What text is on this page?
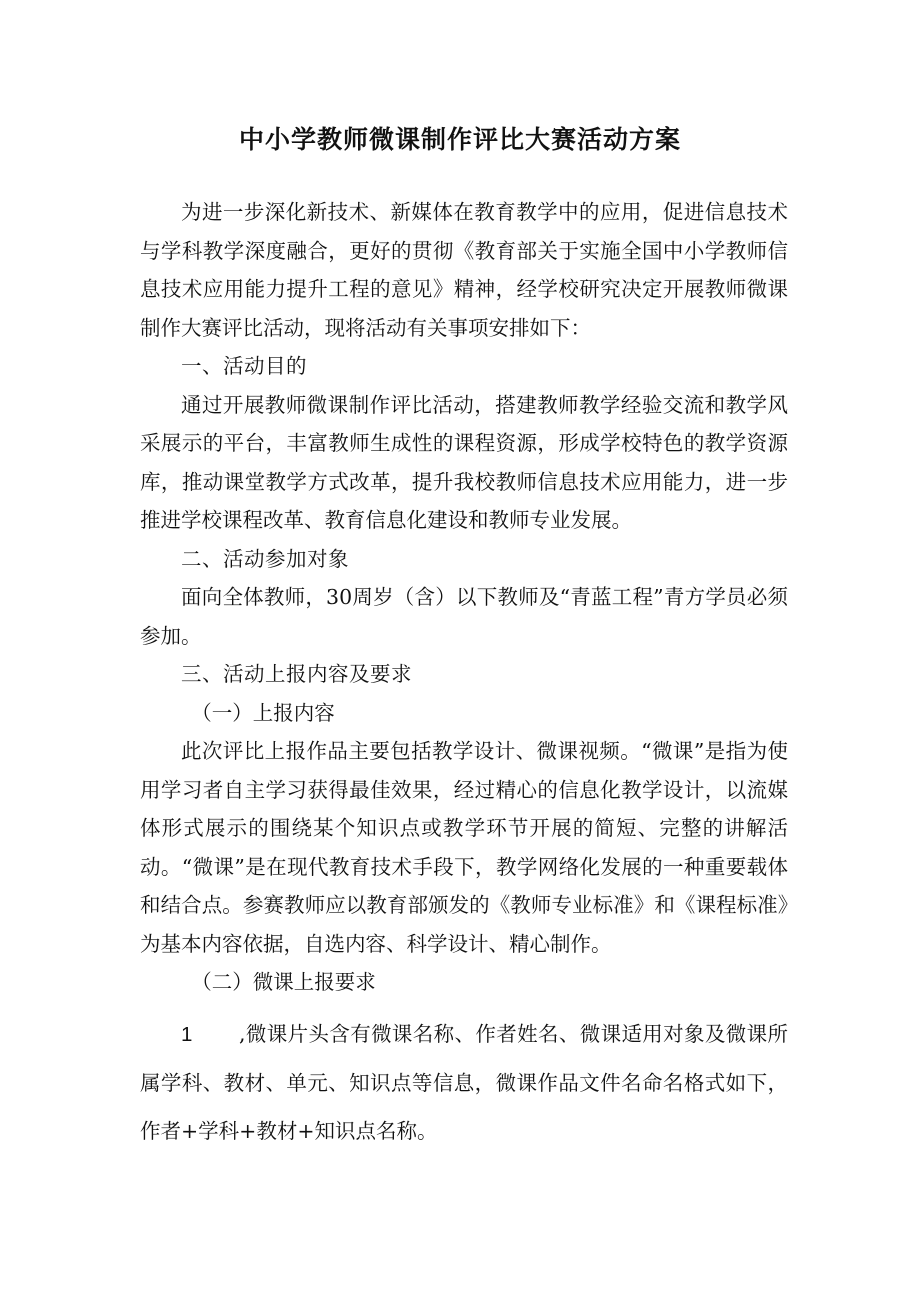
中小学教师微课制作评比大赛活动方案

为进一步深化新技术、新媒体在教育教学中的应用，促进信息技术与学科教学深度融合，更好的贯彻《教育部关于实施全国中小学教师信息技术应用能力提升工程的意见》精神，经学校研究决定开展教师微课制作大赛评比活动，现将活动有关事项安排如下：

一、活动目的

通过开展教师微课制作评比活动，搭建教师教学经验交流和教学风采展示的平台，丰富教师生成性的课程资源，形成学校特色的教学资源库，推动课堂教学方式改革，提升我校教师信息技术应用能力，进一步推进学校课程改革、教育信息化建设和教师专业发展。

二、活动参加对象

面向全体教师，30周岁（含）以下教师及“青蓝工程”青方学员必须参加。

三、活动上报内容及要求

（一）上报内容

此次评比上报作品主要包括教学设计、微课视频。“微课”是指为使用学习者自主学习获得最佳效果，经过精心的信息化教学设计，以流媒体形式展示的围绕某个知识点或教学环节开展的简短、完整的讲解活动。“微课”是在现代教育技术手段下，教学网络化发展的一种重要载体和结合点。参赛教师应以教育部颁发的《教师专业标准》和《课程标准》为基本内容依据，自选内容、科学设计、精心制作。

（二）微课上报要求

1 ,微课片头含有微课名称、作者姓名、微课适用对象及微课所属学科、教材、单元、知识点等信息，微课作品文件名命名格式如下，作者+学科+教材+知识点名称。
